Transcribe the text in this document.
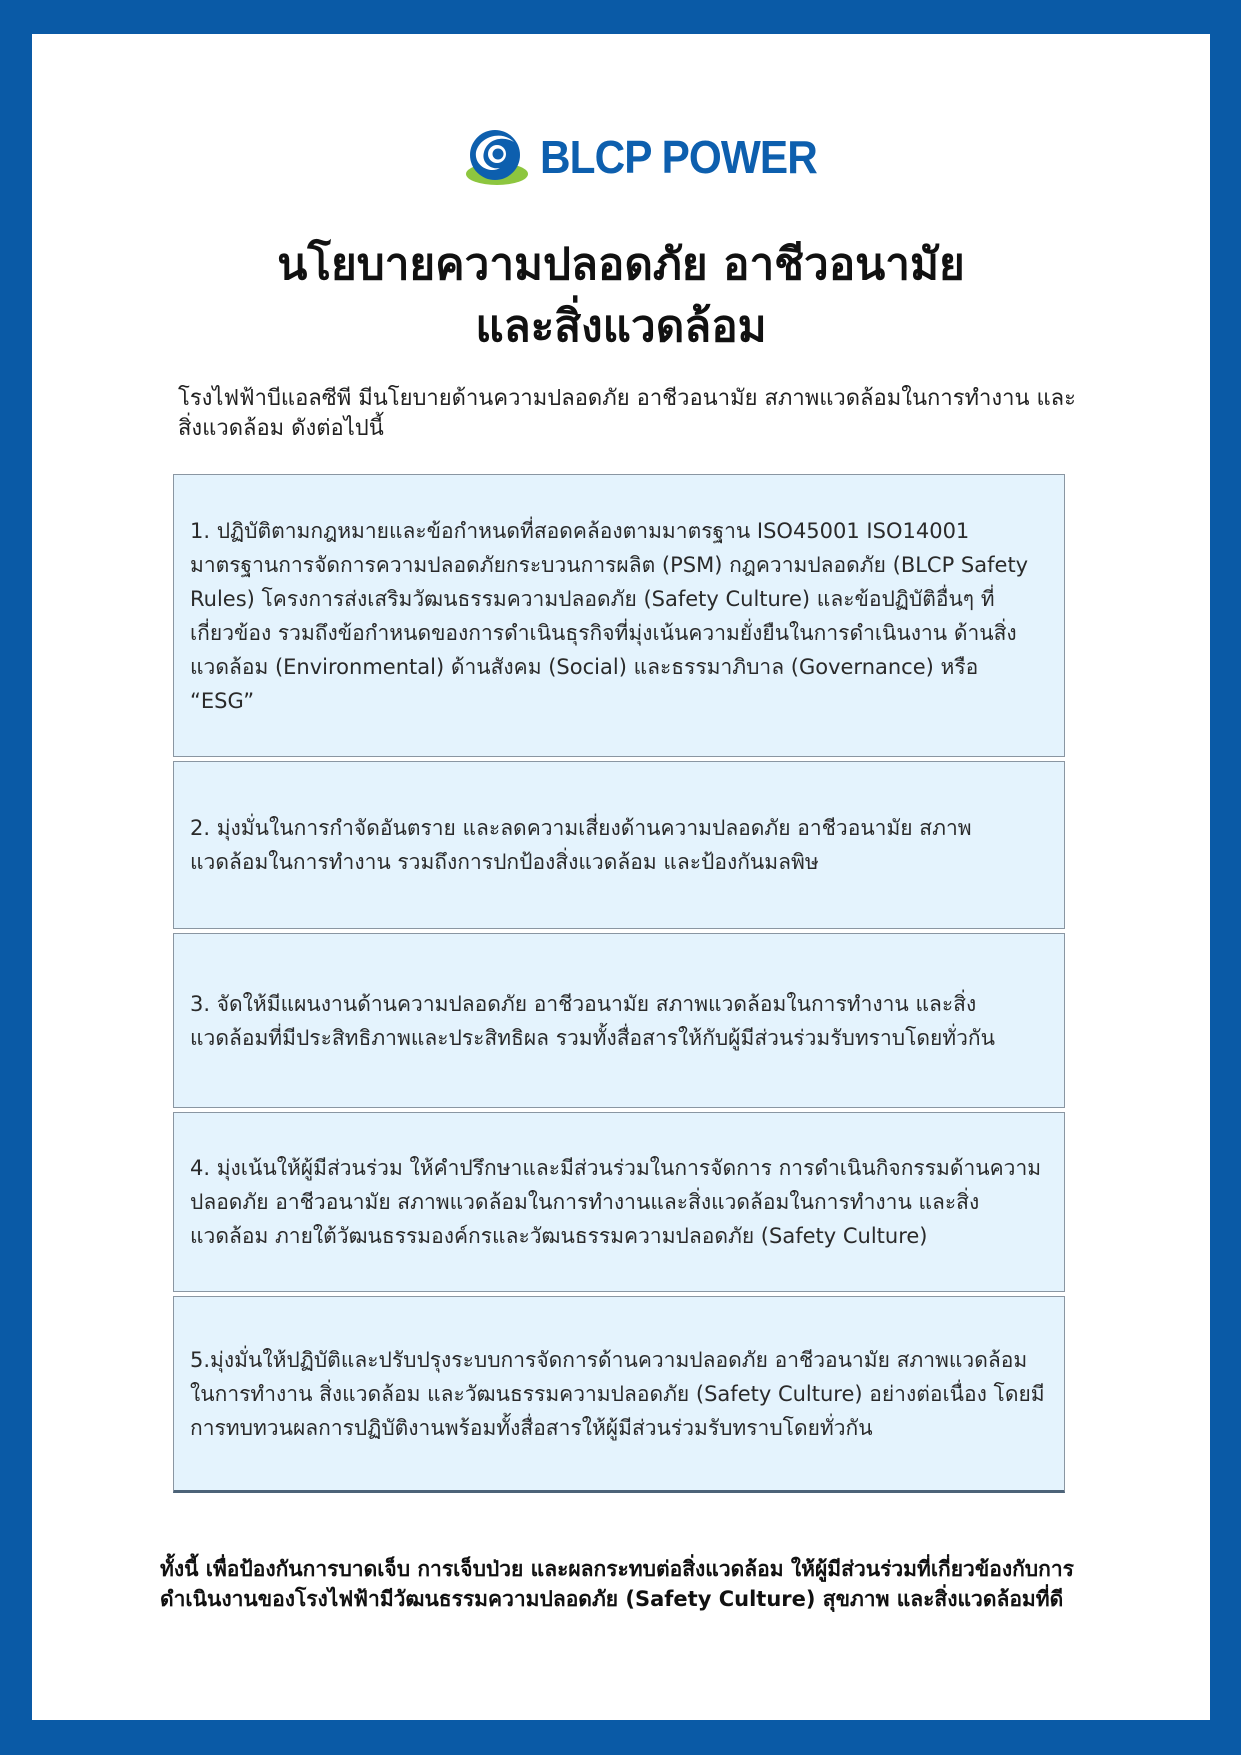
BLCP POWER
นโยบายความปลอดภัย อาชีวอนามัย
และสิ่งแวดล้อม

โรงไฟฟ้าบีแอลซีพี มีนโยบายด้านความปลอดภัย อาชีวอนามัย สภาพแวดล้อมในการทำงาน และสิ่งแวดล้อม ดังต่อไปนี้

1. ปฏิบัติตามกฎหมายและข้อกำหนดที่สอดคล้องตามมาตรฐาน ISO45001 ISO14001 มาตรฐานการจัดการความปลอดภัยกระบวนการผลิต (PSM) กฎความปลอดภัย (BLCP Safety Rules) โครงการส่งเสริมวัฒนธรรมความปลอดภัย (Safety Culture) และข้อปฏิบัติอื่นๆ ที่เกี่ยวข้อง รวมถึงข้อกำหนดของการดำเนินธุรกิจที่มุ่งเน้นความยั่งยืนในการดำเนินงาน ด้านสิ่งแวดล้อม (Environmental) ด้านสังคม (Social) และธรรมาภิบาล (Governance) หรือ “ESG”
2. มุ่งมั่นในการกำจัดอันตราย และลดความเสี่ยงด้านความปลอดภัย อาชีวอนามัย สภาพแวดล้อมในการทำงาน รวมถึงการปกป้องสิ่งแวดล้อม และป้องกันมลพิษ
3. จัดให้มีแผนงานด้านความปลอดภัย อาชีวอนามัย สภาพแวดล้อมในการทำงาน และสิ่งแวดล้อมที่มีประสิทธิภาพและประสิทธิผล รวมทั้งสื่อสารให้กับผู้มีส่วนร่วมรับทราบโดยทั่วกัน
4. มุ่งเน้นให้ผู้มีส่วนร่วม ให้คำปรึกษาและมีส่วนร่วมในการจัดการ การดำเนินกิจกรรมด้านความปลอดภัย อาชีวอนามัย สภาพแวดล้อมในการทำงานและสิ่งแวดล้อมในการทำงาน และสิ่งแวดล้อม ภายใต้วัฒนธรรมองค์กรและวัฒนธรรมความปลอดภัย (Safety Culture)
5.มุ่งมั่นให้ปฏิบัติและปรับปรุงระบบการจัดการด้านความปลอดภัย อาชีวอนามัย สภาพแวดล้อมในการทำงาน สิ่งแวดล้อม และวัฒนธรรมความปลอดภัย (Safety Culture) อย่างต่อเนื่อง โดยมีการทบทวนผลการปฏิบัติงานพร้อมทั้งสื่อสารให้ผู้มีส่วนร่วมรับทราบโดยทั่วกัน

ทั้งนี้ เพื่อป้องกันการบาดเจ็บ การเจ็บป่วย และผลกระทบต่อสิ่งแวดล้อม ให้ผู้มีส่วนร่วมที่เกี่ยวข้องกับการดำเนินงานของโรงไฟฟ้ามีวัฒนธรรมความปลอดภัย (Safety Culture) สุขภาพ และสิ่งแวดล้อมที่ดี
